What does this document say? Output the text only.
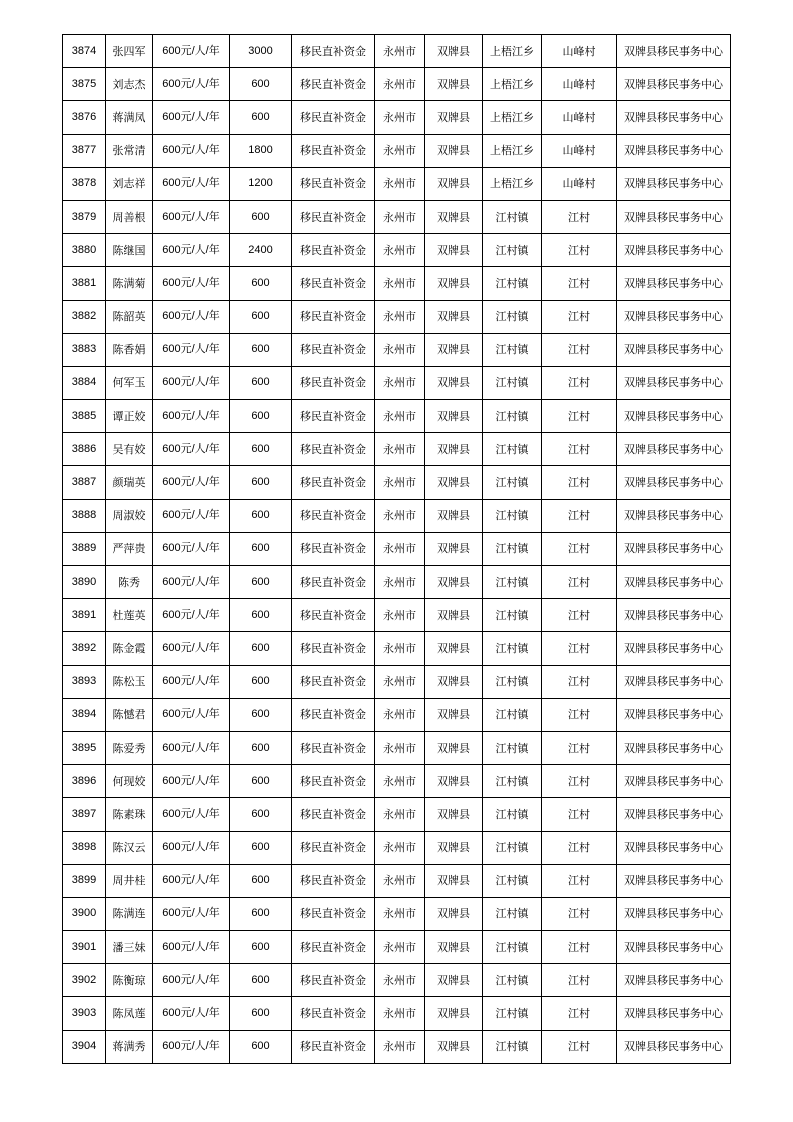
3874	张四军	600元/人/年	3000	移民直补资金	永州市	双牌县	上梧江乡	山峰村	双牌县移民事务中心
3875	刘志杰	600元/人/年	600	移民直补资金	永州市	双牌县	上梧江乡	山峰村	双牌县移民事务中心
3876	蒋满凤	600元/人/年	600	移民直补资金	永州市	双牌县	上梧江乡	山峰村	双牌县移民事务中心
3877	张常清	600元/人/年	1800	移民直补资金	永州市	双牌县	上梧江乡	山峰村	双牌县移民事务中心
3878	刘志祥	600元/人/年	1200	移民直补资金	永州市	双牌县	上梧江乡	山峰村	双牌县移民事务中心
3879	周善根	600元/人/年	600	移民直补资金	永州市	双牌县	江村镇	江村	双牌县移民事务中心
3880	陈继国	600元/人/年	2400	移民直补资金	永州市	双牌县	江村镇	江村	双牌县移民事务中心
3881	陈满菊	600元/人/年	600	移民直补资金	永州市	双牌县	江村镇	江村	双牌县移民事务中心
3882	陈韶英	600元/人/年	600	移民直补资金	永州市	双牌县	江村镇	江村	双牌县移民事务中心
3883	陈香娟	600元/人/年	600	移民直补资金	永州市	双牌县	江村镇	江村	双牌县移民事务中心
3884	何军玉	600元/人/年	600	移民直补资金	永州市	双牌县	江村镇	江村	双牌县移民事务中心
3885	谭正姣	600元/人/年	600	移民直补资金	永州市	双牌县	江村镇	江村	双牌县移民事务中心
3886	吴有姣	600元/人/年	600	移民直补资金	永州市	双牌县	江村镇	江村	双牌县移民事务中心
3887	颜瑞英	600元/人/年	600	移民直补资金	永州市	双牌县	江村镇	江村	双牌县移民事务中心
3888	周淑姣	600元/人/年	600	移民直补资金	永州市	双牌县	江村镇	江村	双牌县移民事务中心
3889	严萍贵	600元/人/年	600	移民直补资金	永州市	双牌县	江村镇	江村	双牌县移民事务中心
3890	陈秀	600元/人/年	600	移民直补资金	永州市	双牌县	江村镇	江村	双牌县移民事务中心
3891	杜莲英	600元/人/年	600	移民直补资金	永州市	双牌县	江村镇	江村	双牌县移民事务中心
3892	陈金霞	600元/人/年	600	移民直补资金	永州市	双牌县	江村镇	江村	双牌县移民事务中心
3893	陈松玉	600元/人/年	600	移民直补资金	永州市	双牌县	江村镇	江村	双牌县移民事务中心
3894	陈憾君	600元/人/年	600	移民直补资金	永州市	双牌县	江村镇	江村	双牌县移民事务中心
3895	陈爱秀	600元/人/年	600	移民直补资金	永州市	双牌县	江村镇	江村	双牌县移民事务中心
3896	何现姣	600元/人/年	600	移民直补资金	永州市	双牌县	江村镇	江村	双牌县移民事务中心
3897	陈素珠	600元/人/年	600	移民直补资金	永州市	双牌县	江村镇	江村	双牌县移民事务中心
3898	陈汉云	600元/人/年	600	移民直补资金	永州市	双牌县	江村镇	江村	双牌县移民事务中心
3899	周井桂	600元/人/年	600	移民直补资金	永州市	双牌县	江村镇	江村	双牌县移民事务中心
3900	陈满连	600元/人/年	600	移民直补资金	永州市	双牌县	江村镇	江村	双牌县移民事务中心
3901	潘三妹	600元/人/年	600	移民直补资金	永州市	双牌县	江村镇	江村	双牌县移民事务中心
3902	陈衡琼	600元/人/年	600	移民直补资金	永州市	双牌县	江村镇	江村	双牌县移民事务中心
3903	陈凤莲	600元/人/年	600	移民直补资金	永州市	双牌县	江村镇	江村	双牌县移民事务中心
3904	蒋满秀	600元/人/年	600	移民直补资金	永州市	双牌县	江村镇	江村	双牌县移民事务中心
